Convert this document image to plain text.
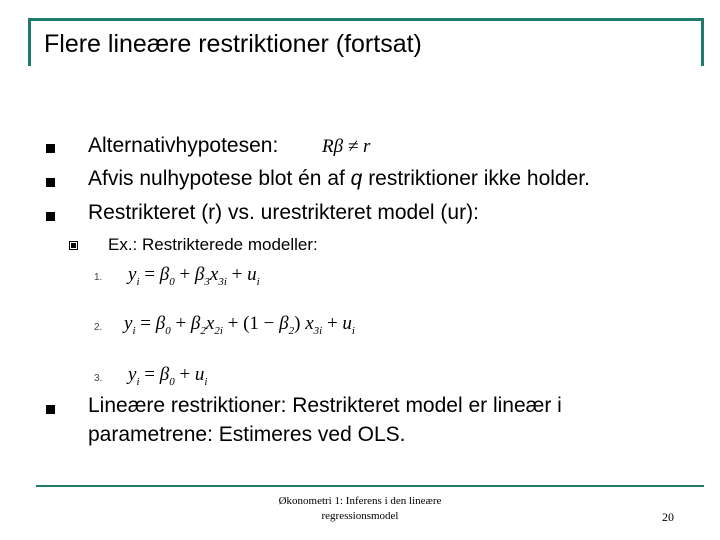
Flere lineære restriktioner (fortsat)
Alternativhypotesen: Rβ ≠ r
Afvis nulhypotese blot én af q restriktioner ikke holder.
Restrikteret (r) vs. urestrikteret model (ur):
Ex.: Restrikterede modeller:
1. $y_i = \beta_0 + \beta_3x_{3i} + u_i$
2. $y_i = \beta_0 + \beta_2x_{2i} + (1 - \beta_2) x_{3i} + u_i$
3. $y_i = \beta_0 + u_i$
Lineære restriktioner: Restrikteret model er lineær i
parametrene: Estimeres ved OLS.
Økonometri 1: Inferens i den lineære
regressionsmodel	20
